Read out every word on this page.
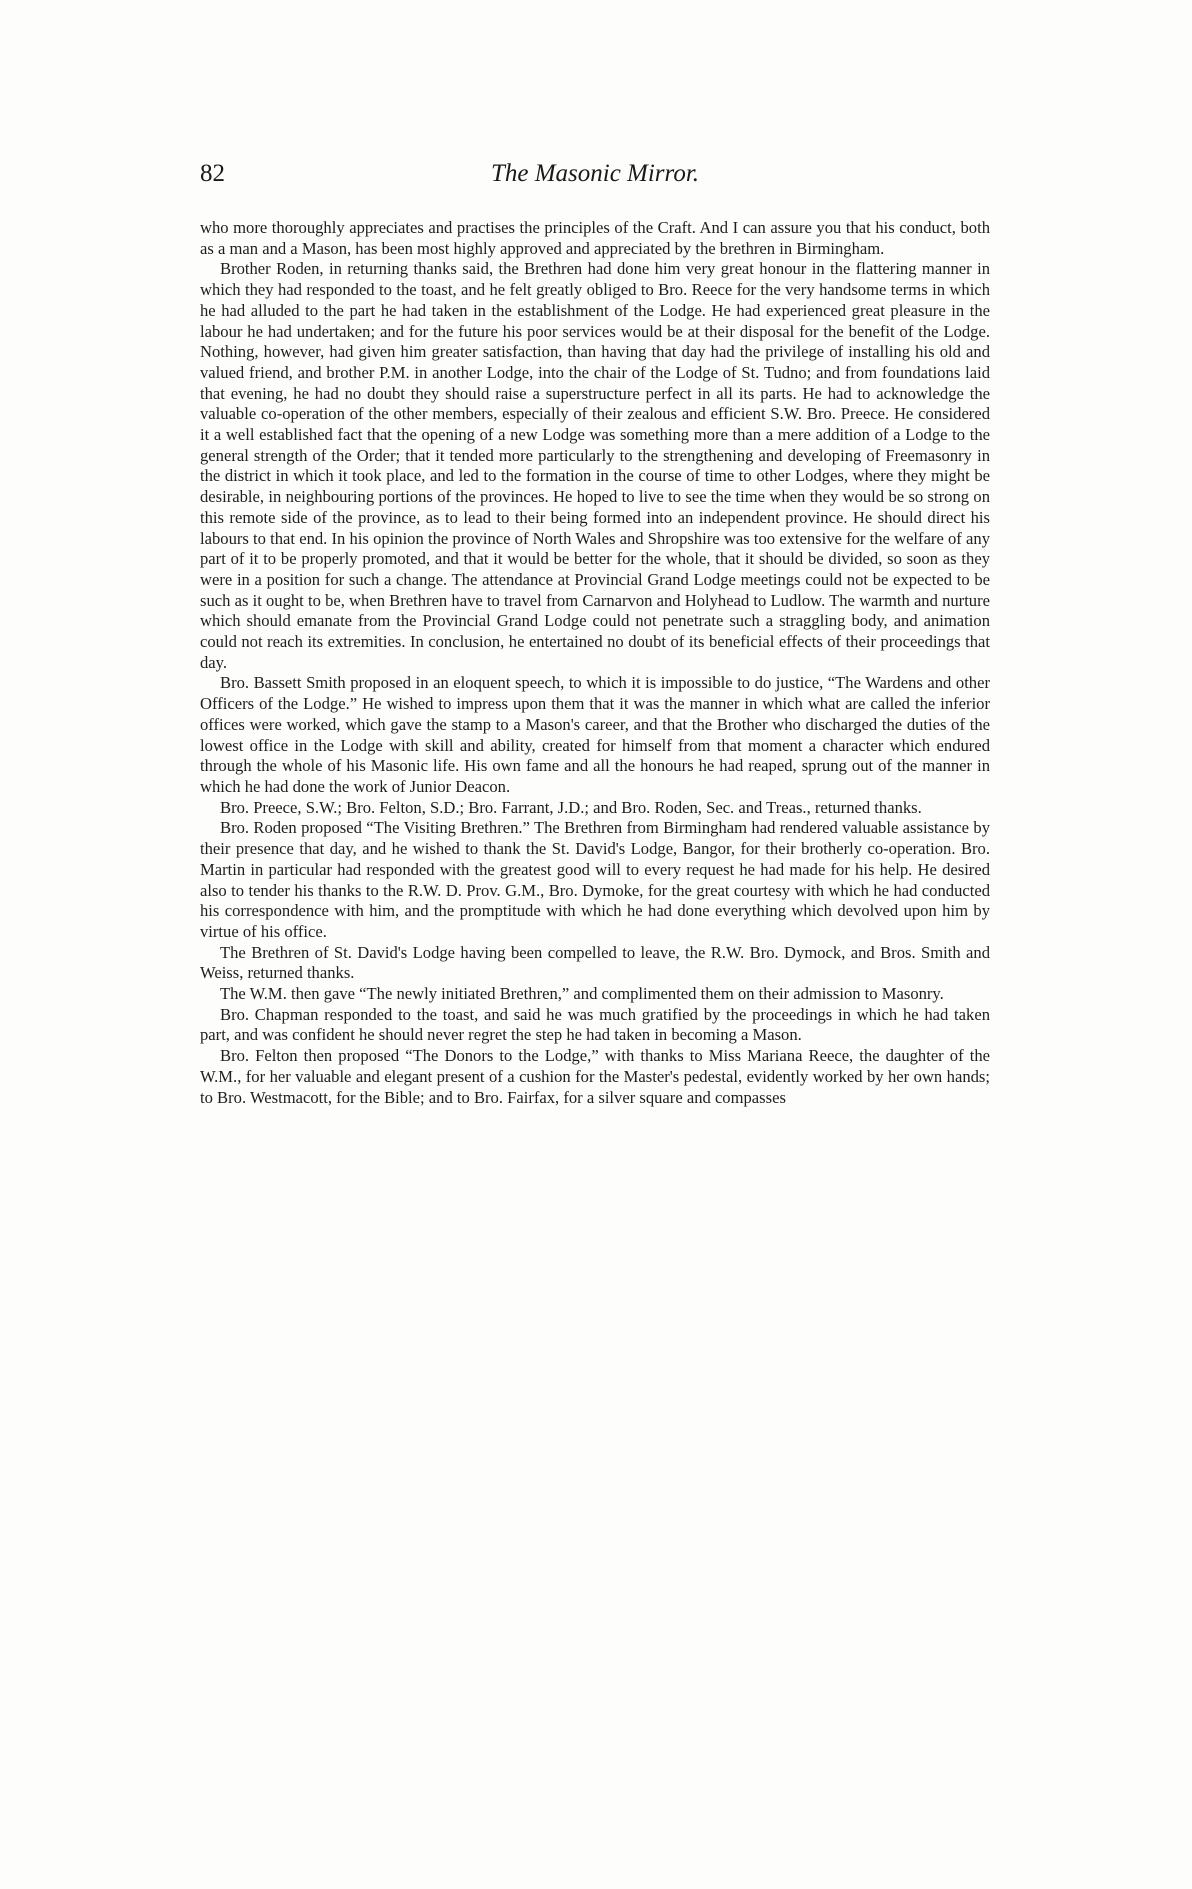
82	The Masonic Mirror.

who more thoroughly appreciates and practises the principles of the Craft. And I can assure you that his conduct, both as a man and a Mason, has been most highly approved and appreciated by the brethren in Birmingham.

Brother Roden, in returning thanks said, the Brethren had done him very great honour in the flattering manner in which they had responded to the toast, and he felt greatly obliged to Bro. Reece for the very handsome terms in which he had alluded to the part he had taken in the establishment of the Lodge. He had experienced great pleasure in the labour he had undertaken; and for the future his poor services would be at their disposal for the benefit of the Lodge. Nothing, however, had given him greater satisfaction, than having that day had the privilege of installing his old and valued friend, and brother P.M. in another Lodge, into the chair of the Lodge of St. Tudno; and from foundations laid that evening, he had no doubt they should raise a superstructure perfect in all its parts. He had to acknowledge the valuable co-operation of the other members, especially of their zealous and efficient S.W. Bro. Preece. He considered it a well established fact that the opening of a new Lodge was something more than a mere addition of a Lodge to the general strength of the Order; that it tended more particularly to the strengthening and developing of Freemasonry in the district in which it took place, and led to the formation in the course of time to other Lodges, where they might be desirable, in neighbouring portions of the provinces. He hoped to live to see the time when they would be so strong on this remote side of the province, as to lead to their being formed into an independent province. He should direct his labours to that end. In his opinion the province of North Wales and Shropshire was too extensive for the welfare of any part of it to be properly promoted, and that it would be better for the whole, that it should be divided, so soon as they were in a position for such a change. The attendance at Provincial Grand Lodge meetings could not be expected to be such as it ought to be, when Brethren have to travel from Carnarvon and Holyhead to Ludlow. The warmth and nurture which should emanate from the Provincial Grand Lodge could not penetrate such a straggling body, and animation could not reach its extremities. In conclusion, he entertained no doubt of its beneficial effects of their proceedings that day.

Bro. Bassett Smith proposed in an eloquent speech, to which it is impossible to do justice, “The Wardens and other Officers of the Lodge.” He wished to impress upon them that it was the manner in which what are called the inferior offices were worked, which gave the stamp to a Mason's career, and that the Brother who discharged the duties of the lowest office in the Lodge with skill and ability, created for himself from that moment a character which endured through the whole of his Masonic life. His own fame and all the honours he had reaped, sprung out of the manner in which he had done the work of Junior Deacon.

Bro. Preece, S.W.; Bro. Felton, S.D.; Bro. Farrant, J.D.; and Bro. Roden, Sec. and Treas., returned thanks.

Bro. Roden proposed “The Visiting Brethren.” The Brethren from Birmingham had rendered valuable assistance by their presence that day, and he wished to thank the St. David's Lodge, Bangor, for their brotherly co-operation. Bro. Martin in particular had responded with the greatest good will to every request he had made for his help. He desired also to tender his thanks to the R.W. D. Prov. G.M., Bro. Dymoke, for the great courtesy with which he had conducted his correspondence with him, and the promptitude with which he had done everything which devolved upon him by virtue of his office.

The Brethren of St. David's Lodge having been compelled to leave, the R.W. Bro. Dymock, and Bros. Smith and Weiss, returned thanks.

The W.M. then gave “The newly initiated Brethren,” and complimented them on their admission to Masonry.

Bro. Chapman responded to the toast, and said he was much gratified by the proceedings in which he had taken part, and was confident he should never regret the step he had taken in becoming a Mason.

Bro. Felton then proposed “The Donors to the Lodge,” with thanks to Miss Mariana Reece, the daughter of the W.M., for her valuable and elegant present of a cushion for the Master's pedestal, evidently worked by her own hands; to Bro. Westmacott, for the Bible; and to Bro. Fairfax, for a silver square and compasses
